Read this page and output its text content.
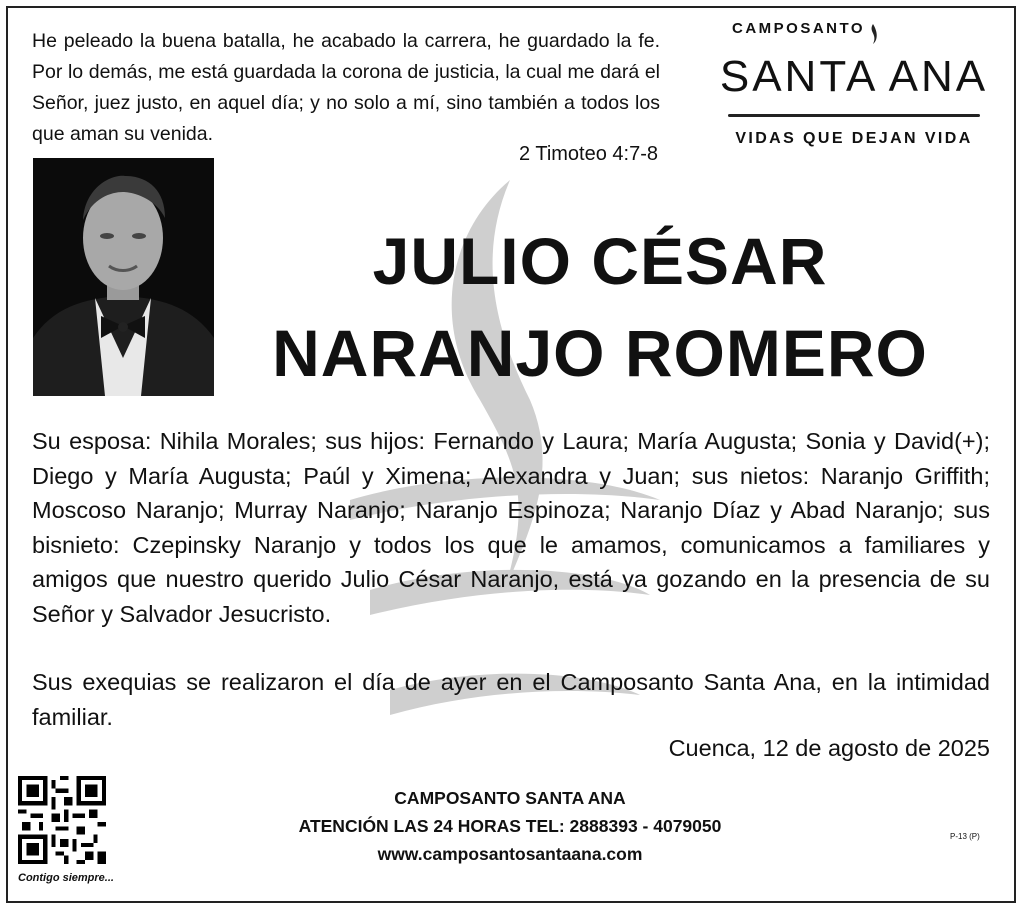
He peleado la buena batalla, he acabado la carrera, he guardado la fe. Por lo demás, me está guardada la corona de justicia, la cual me dará el Señor, juez justo, en aquel día; y no solo a mí, sino también a todos los que aman su venida.
2 Timoteo 4:7-8
CAMPOSANTO
SANTA ANA
VIDAS QUE DEJAN VIDA
JULIO CÉSAR
NARANJO ROMERO
Su esposa: Nihila Morales; sus hijos: Fernando y Laura; María Augusta; Sonia y David(+); Diego y María Augusta; Paúl y Ximena; Alexandra y Juan; sus nietos: Naranjo Griffith; Moscoso Naranjo; Murray Naranjo; Naranjo Espinoza; Naranjo Díaz y Abad Naranjo; sus bisnieto: Czepinsky Naranjo y todos los que le amamos, comunicamos a familiares y amigos que nuestro querido Julio César Naranjo, está ya gozando en la presencia de su Señor y Salvador Jesucristo.
Sus exequias se realizaron el día de ayer en el Camposanto Santa Ana, en la intimidad familiar.
Cuenca, 12 de agosto de 2025
Contigo siempre...
CAMPOSANTO SANTA ANA
ATENCIÓN LAS 24 HORAS TEL: 2888393 - 4079050
www.camposantosantaana.com
P-13 (P)
